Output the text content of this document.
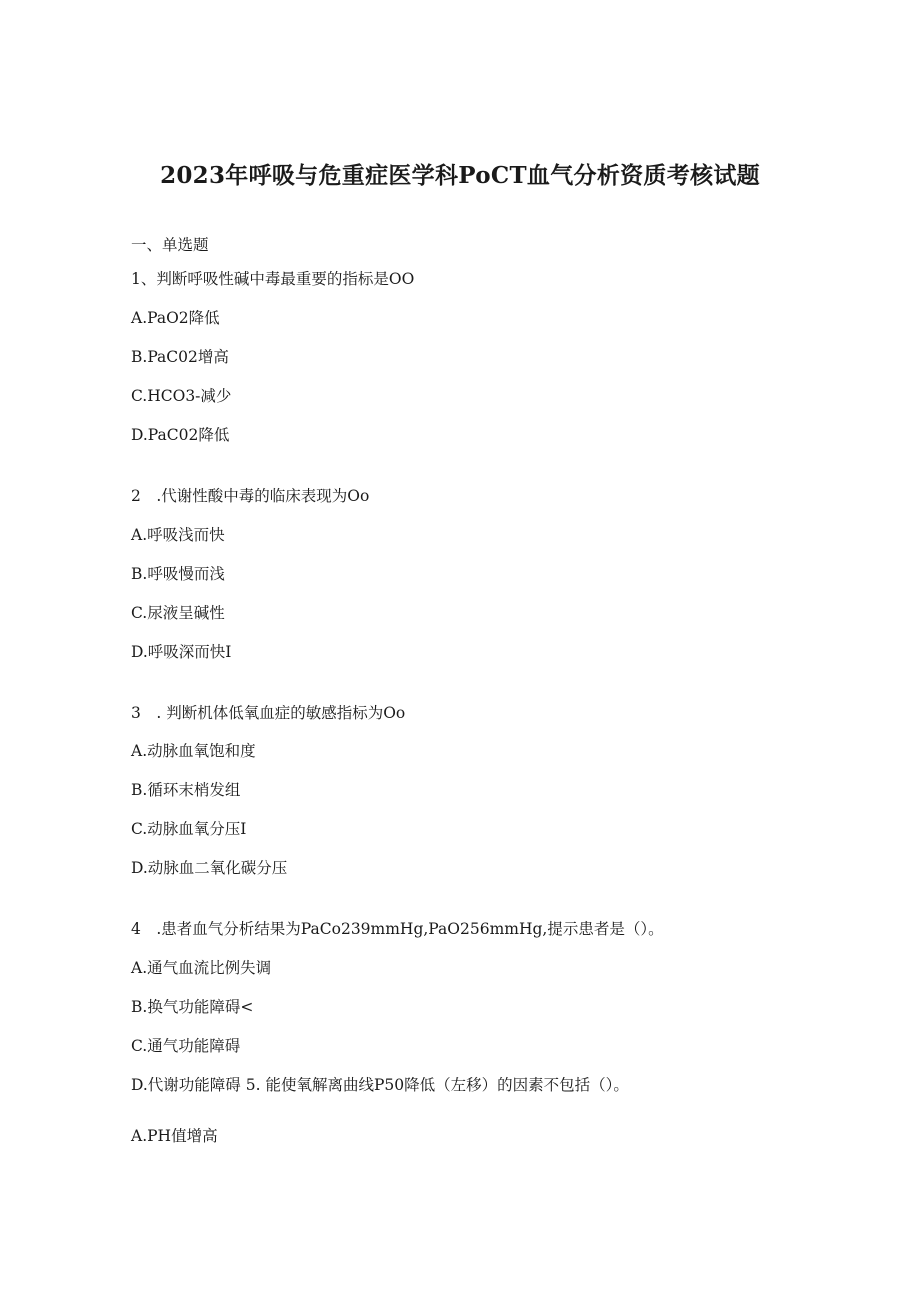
2023年呼吸与危重症医学科PoCT血气分析资质考核试题
一、单选题
1、判断呼吸性碱中毒最重要的指标是OO
A.PaO2降低
B.PaC02增高
C.HCO3-减少
D.PaC02降低
2　.代谢性酸中毒的临床表现为Oo
A.呼吸浅而快
B.呼吸慢而浅
C.尿液呈碱性
D.呼吸深而快I
3　. 判断机体低氧血症的敏感指标为Oo
A.动脉血氧饱和度
B.循环末梢发组
C.动脉血氧分压I
D.动脉血二氧化碳分压
4　.患者血气分析结果为PaCo239mmHg,PaO256mmHg,提示患者是（）。
A.通气血流比例失调
B.换气功能障碍<
C.通气功能障碍
D.代谢功能障碍 5. 能使氧解离曲线P50降低（左移）的因素不包括（）。
A.PH值增高
